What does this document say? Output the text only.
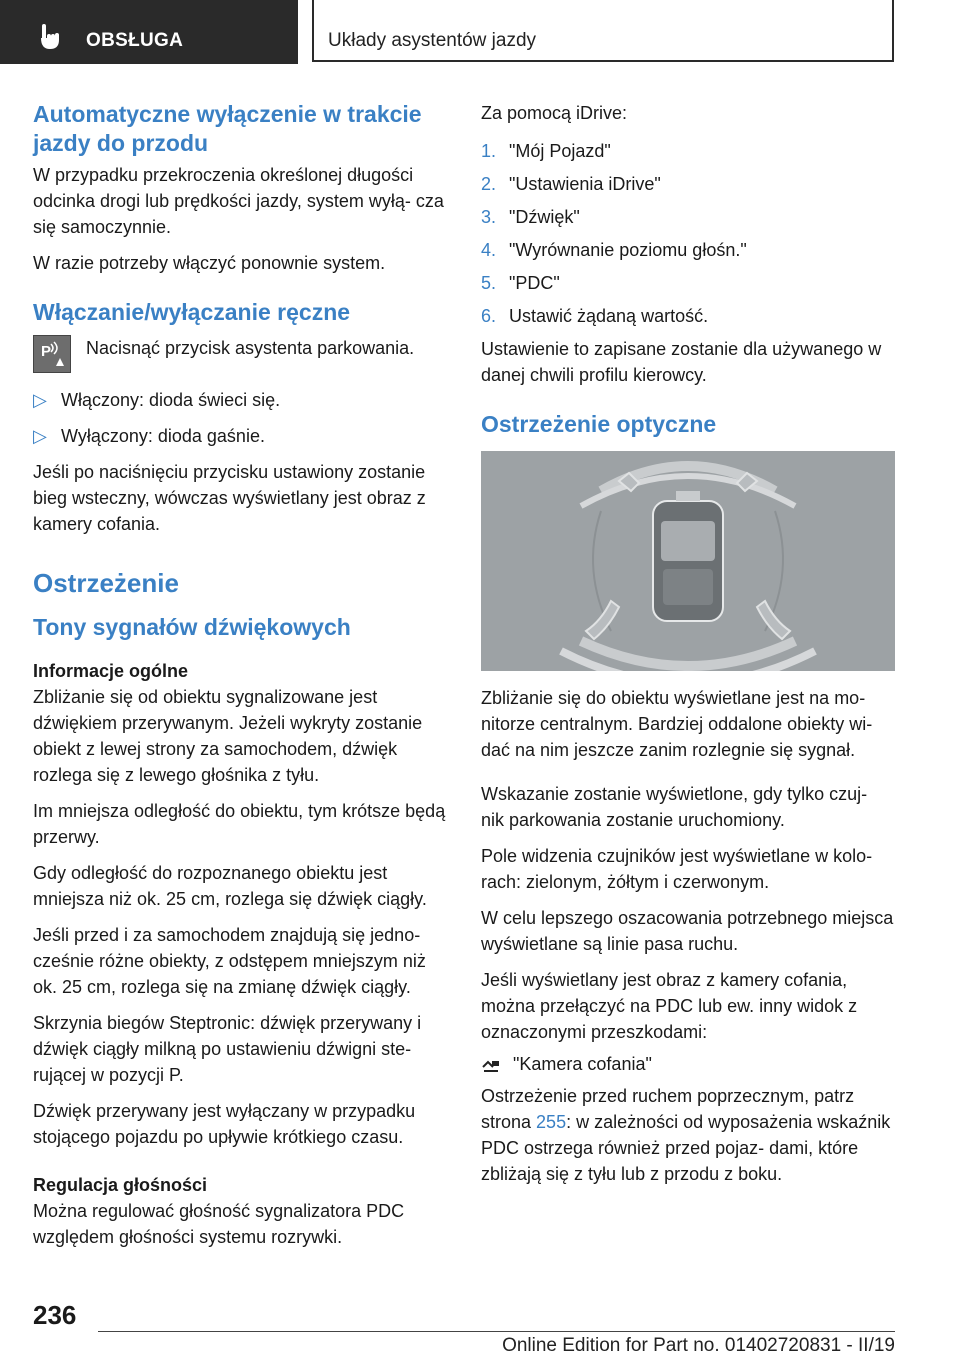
OBSŁUGA	Układy asystentów jazdy
Automatyczne wyłączenie w trakcie jazdy do przodu

W przypadku przekroczenia określonej długości odcinka drogi lub prędkości jazdy, system wyłą- cza się samoczynnie.

W razie potrzeby włączyć ponownie system.

Włączanie/wyłączanie ręczne
P Nacisnąć przycisk asystenta parkowania.
▷ Włączony: dioda świeci się.
▷ Wyłączony: dioda gaśnie.

Jeśli po naciśnięciu przycisku ustawiony zostanie bieg wsteczny, wówczas wyświetlany jest obraz z kamery cofania.

Ostrzeżenie
Tony sygnałów dźwiękowych
Informacje ogólne

Zbliżanie się od obiektu sygnalizowane jest dźwiękiem przerywanym. Jeżeli wykryty zostanie obiekt z lewej strony za samochodem, dźwięk rozlega się z lewego głośnika z tyłu.

Im mniejsza odległość do obiektu, tym krótsze będą przerwy.

Gdy odległość do rozpoznanego obiektu jest mniejsza niż ok. 25 cm, rozlega się dźwięk ciągły.

Jeśli przed i za samochodem znajdują się jedno- cześnie różne obiekty, z odstępem mniejszym niż ok. 25 cm, rozlega się na zmianę dźwięk ciągły.

Skrzynia biegów Steptronic: dźwięk przerywany i dźwięk ciągły milkną po ustawieniu dźwigni ste- rującej w pozycji P.

Dźwięk przerywany jest wyłączany w przypadku stojącego pojazdu po upływie krótkiego czasu.

Regulacja głośności

Można regulować głośność sygnalizatora PDC względem głośności systemu rozrywki.

Za pomocą iDrive:

1. "Mój Pojazd"
2. "Ustawienia iDrive"
3. "Dźwięk"
4. "Wyrównanie poziomu głośn."
5. "PDC"
6. Ustawić żądaną wartość.

Ustawienie to zapisane zostanie dla używanego w danej chwili profilu kierowcy.

Ostrzeżenie optyczne

Zbliżanie się do obiektu wyświetlane jest na mo- nitorze centralnym. Bardziej oddalone obiekty wi- dać na nim jeszcze zanim rozlegnie się sygnał.

Wskazanie zostanie wyświetlone, gdy tylko czuj- nik parkowania zostanie uruchomiony.

Pole widzenia czujników jest wyświetlane w kolo- rach: zielonym, żółtym i czerwonym.

W celu lepszego oszacowania potrzebnego miejsca wyświetlane są linie pasa ruchu.

Jeśli wyświetlany jest obraz z kamery cofania, można przełączyć na PDC lub ew. inny widok z oznaczonymi przeszkodami:

"Kamera cofania"

Ostrzeżenie przed ruchem poprzecznym, patrz strona 255: w zależności od wyposażenia wskaźnik PDC ostrzega również przed pojaz- dami, które zbliżają się z tyłu lub z przodu z boku.

236
Online Edition for Part no. 01402720831 - II/19
